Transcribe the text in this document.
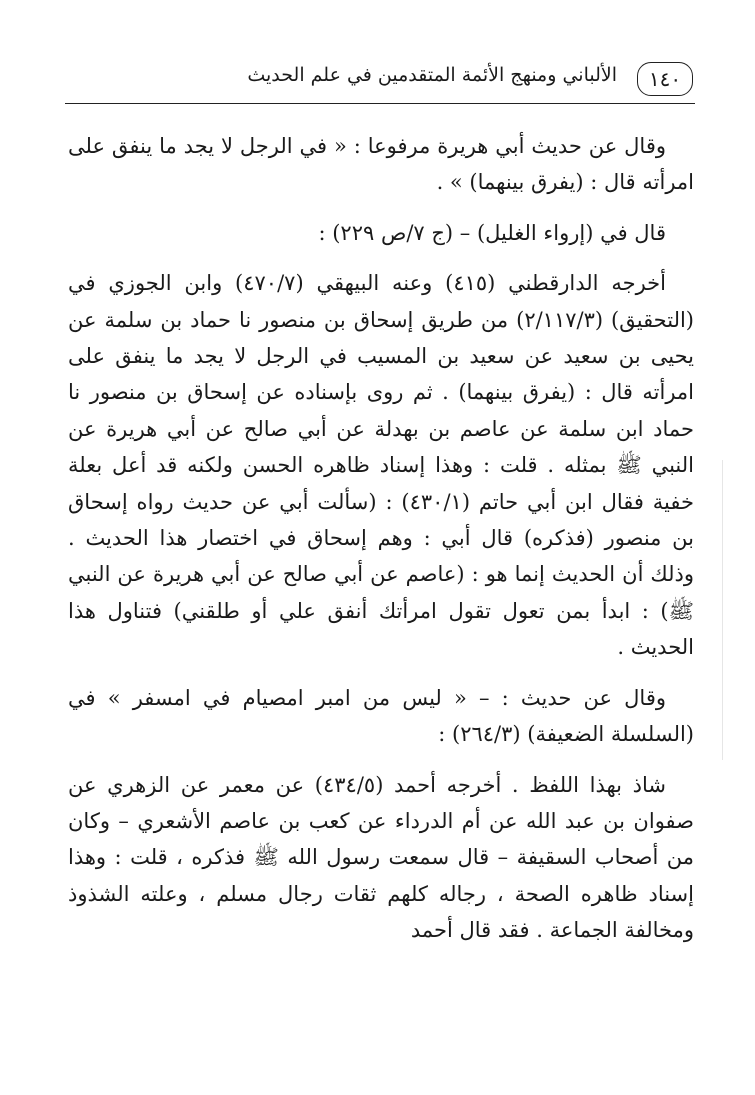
١٤٠
الألباني ومنهج الأئمة المتقدمين في علم الحديث

وقال عن حديث أبي هريرة مرفوعا : « في الرجل لا يجد ما ينفق على امرأته قال : (يفرق بينهما) » .

قال في (إرواء الغليل) – (ج ٧/ص ٢٢٩) :

أخرجه الدارقطني (٤١٥) وعنه البيهقي (٤٧٠/٧) وابن الجوزي في (التحقيق) (٢/١١٧/٣) من طريق إسحاق بن منصور نا حماد بن سلمة عن يحيى بن سعيد عن سعيد بن المسيب في الرجل لا يجد ما ينفق على امرأته قال : (يفرق بينهما) . ثم روى بإسناده عن إسحاق بن منصور نا حماد ابن سلمة عن عاصم بن بهدلة عن أبي صالح عن أبي هريرة عن النبي ﷺ بمثله . قلت : وهذا إسناد ظاهره الحسن ولكنه قد أعل بعلة خفية فقال ابن أبي حاتم (٤٣٠/١) : (سألت أبي عن حديث رواه إسحاق بن منصور (فذكره) قال أبي : وهم إسحاق في اختصار هذا الحديث . وذلك أن الحديث إنما هو : (عاصم عن أبي صالح عن أبي هريرة عن النبي ﷺ) : ابدأ بمن تعول تقول امرأتك أنفق علي أو طلقني) فتناول هذا الحديث .

وقال عن حديث : – « ليس من امبر امصيام في امسفر » في (السلسلة الضعيفة) (٢٦٤/٣) :

شاذ بهذا اللفظ . أخرجه أحمد (٤٣٤/٥) عن معمر عن الزهري عن صفوان بن عبد الله عن أم الدرداء عن كعب بن عاصم الأشعري – وكان من أصحاب السقيفة – قال سمعت رسول الله ﷺ فذكره ، قلت : وهذا إسناد ظاهره الصحة ، رجاله كلهم ثقات رجال مسلم ، وعلته الشذوذ ومخالفة الجماعة . فقد قال أحمد
